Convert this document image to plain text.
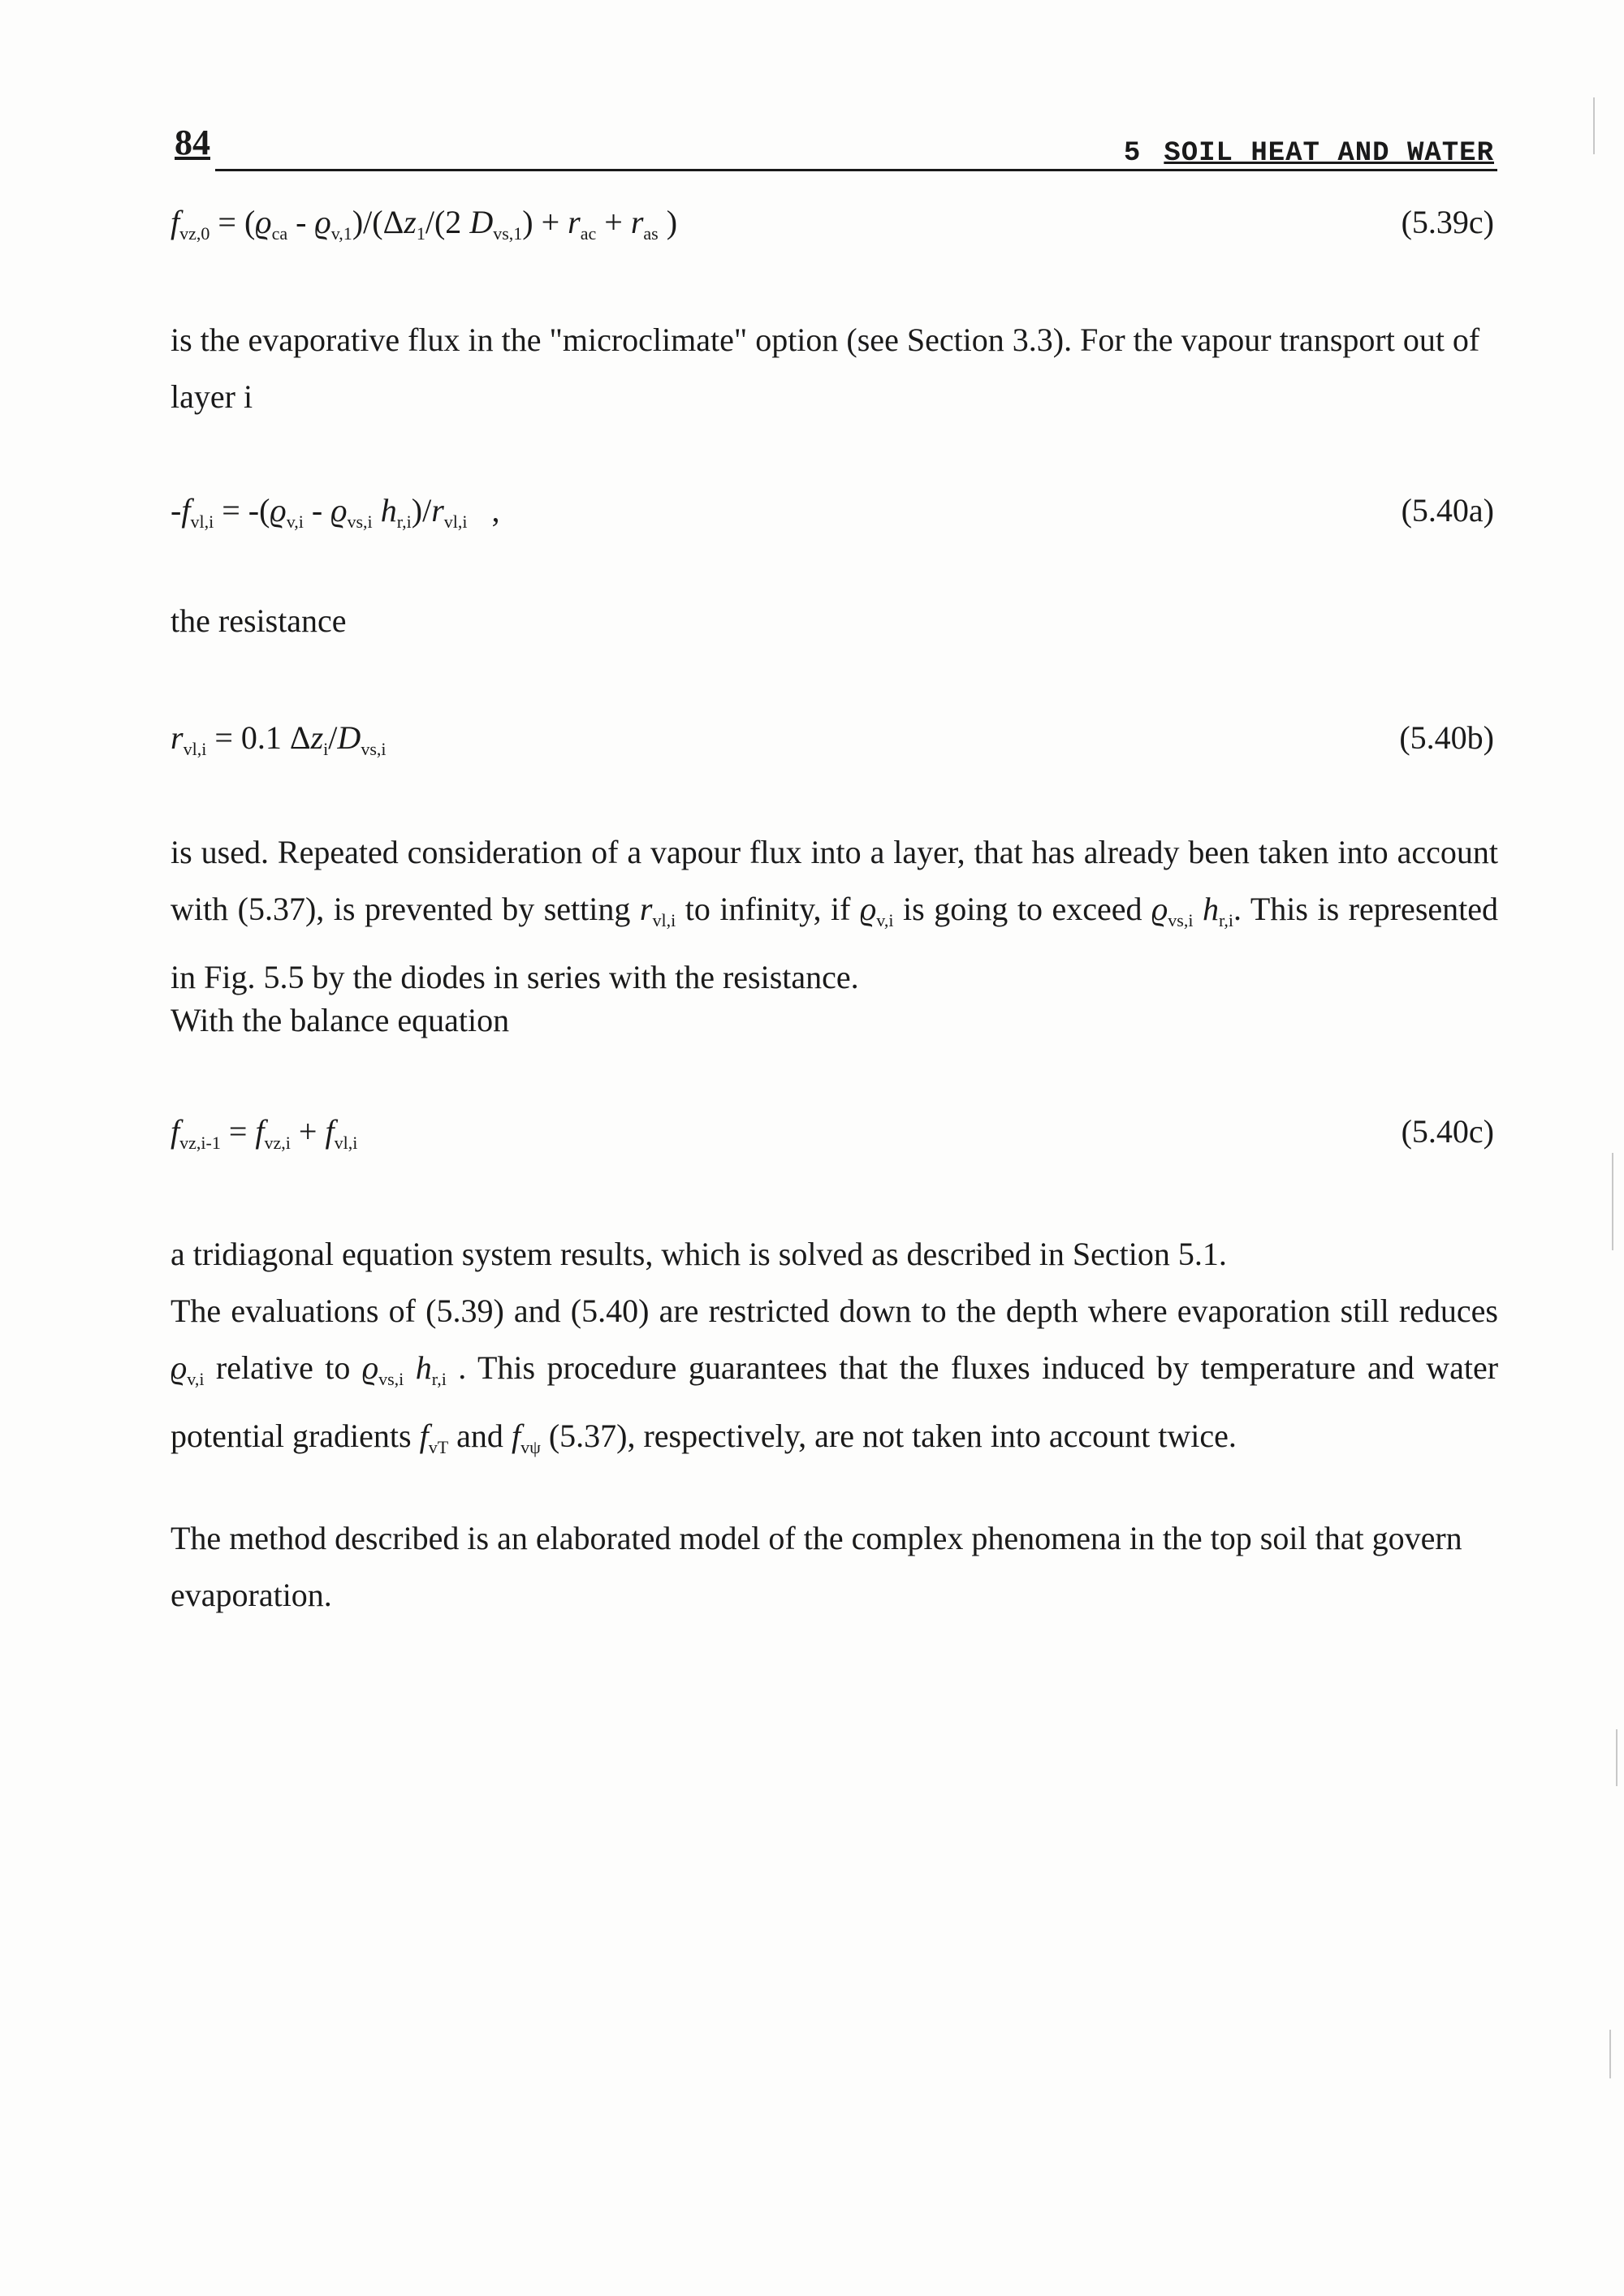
84	5 SOIL HEAT AND WATER
$f_{vz,0} = (ϱ_{ca} - ϱ_{v,1})/(\Delta z_1/(2$ $D_{vs,1}) + r_{ac} + r_{as}$ )	(5.39c)
is the evaporative flux in the "microclimate" option (see Section 3.3). For the vapour transport out of layer i
$-f_{vl,i} = -(ϱ_{v,i} - ϱ_{vs,i}$ $h_{r,i})/r_{vl,i}$   ,	(5.40a)
the resistance
$r_{vl,i} = 0.1$ $\Delta z_i/D_{vs,i}$	(5.40b)
is used. Repeated consideration of a vapour flux into a layer, that has already been taken into account with (5.37), is prevented by setting $r_{vl,i}$ to infinity, if $ϱ_{v,i}$ is going to exceed $ϱ_{vs,i}$ $h_{r,i}$. This is represented in Fig. 5.5 by the diodes in series with the resistance.
With the balance equation
$f_{vz,i-1} = f_{vz,i} + f_{vl,i}$	(5.40c)
a tridiagonal equation system results, which is solved as described in Section 5.1.
The evaluations of (5.39) and (5.40) are restricted down to the depth where evaporation still reduces $ϱ_{v,i}$ relative to $ϱ_{vs,i}$ $h_{r,i}$ . This procedure guarantees that the fluxes induced by temperature and water potential gradients $f_{vT}$ and $f_{v\psi}$ (5.37), respectively, are not taken into account twice.
The method described is an elaborated model of the complex phenomena in the top soil that govern evaporation.
